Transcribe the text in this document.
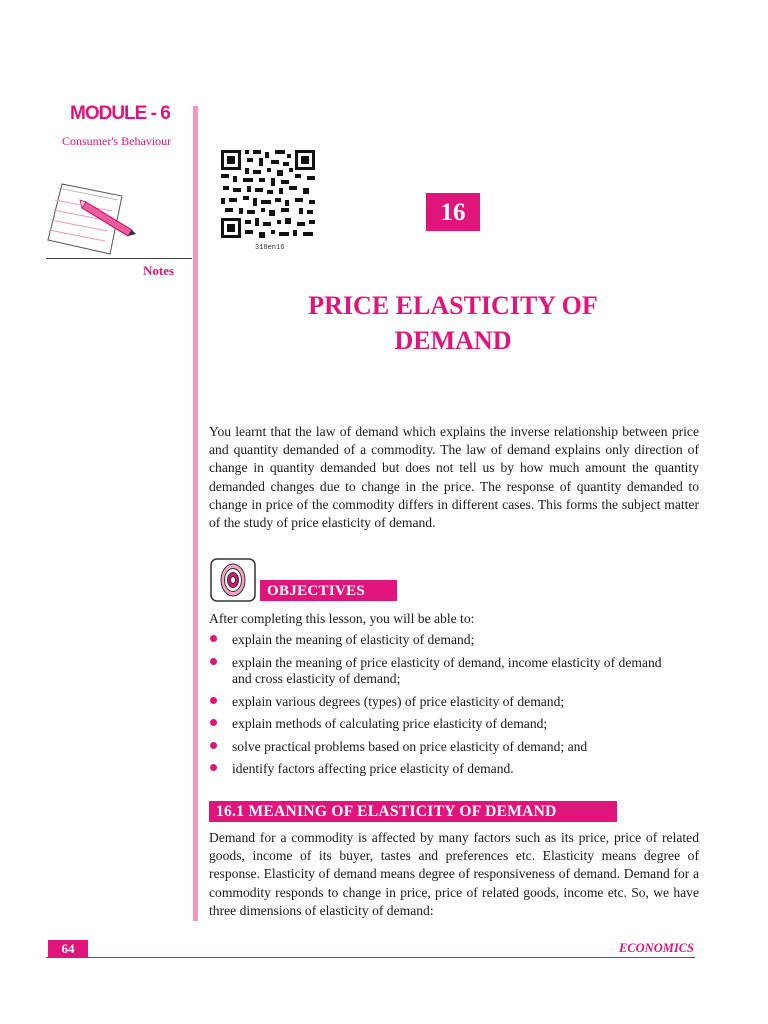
MODULE - 6
Consumer's Behaviour
Notes
318en16
16
PRICE ELASTICITY OF
DEMAND
You learnt that the law of demand which explains the inverse relationship between price and quantity demanded of a commodity. The law of demand explains only direction of change in quantity demanded but does not tell us by how much amount the quantity demanded changes due to change in the price. The response of quantity demanded to change in price of the commodity differs in different cases. This forms the subject matter of the study of price elasticity of demand.
OBJECTIVES
After completing this lesson, you will be able to:
explain the meaning of elasticity of demand;
explain the meaning of price elasticity of demand, income elasticity of demand and cross elasticity of demand;
explain various degrees (types) of price elasticity of demand;
explain methods of calculating price elasticity of demand;
solve practical problems based on price elasticity of demand; and
identify factors affecting price elasticity of demand.
16.1 MEANING OF ELASTICITY OF DEMAND
Demand for a commodity is affected by many factors such as its price, price of related goods, income of its buyer, tastes and preferences etc. Elasticity means degree of response. Elasticity of demand means degree of responsiveness of demand. Demand for a commodity responds to change in price, price of related goods, income etc. So, we have three dimensions of elasticity of demand:
64	ECONOMICS
